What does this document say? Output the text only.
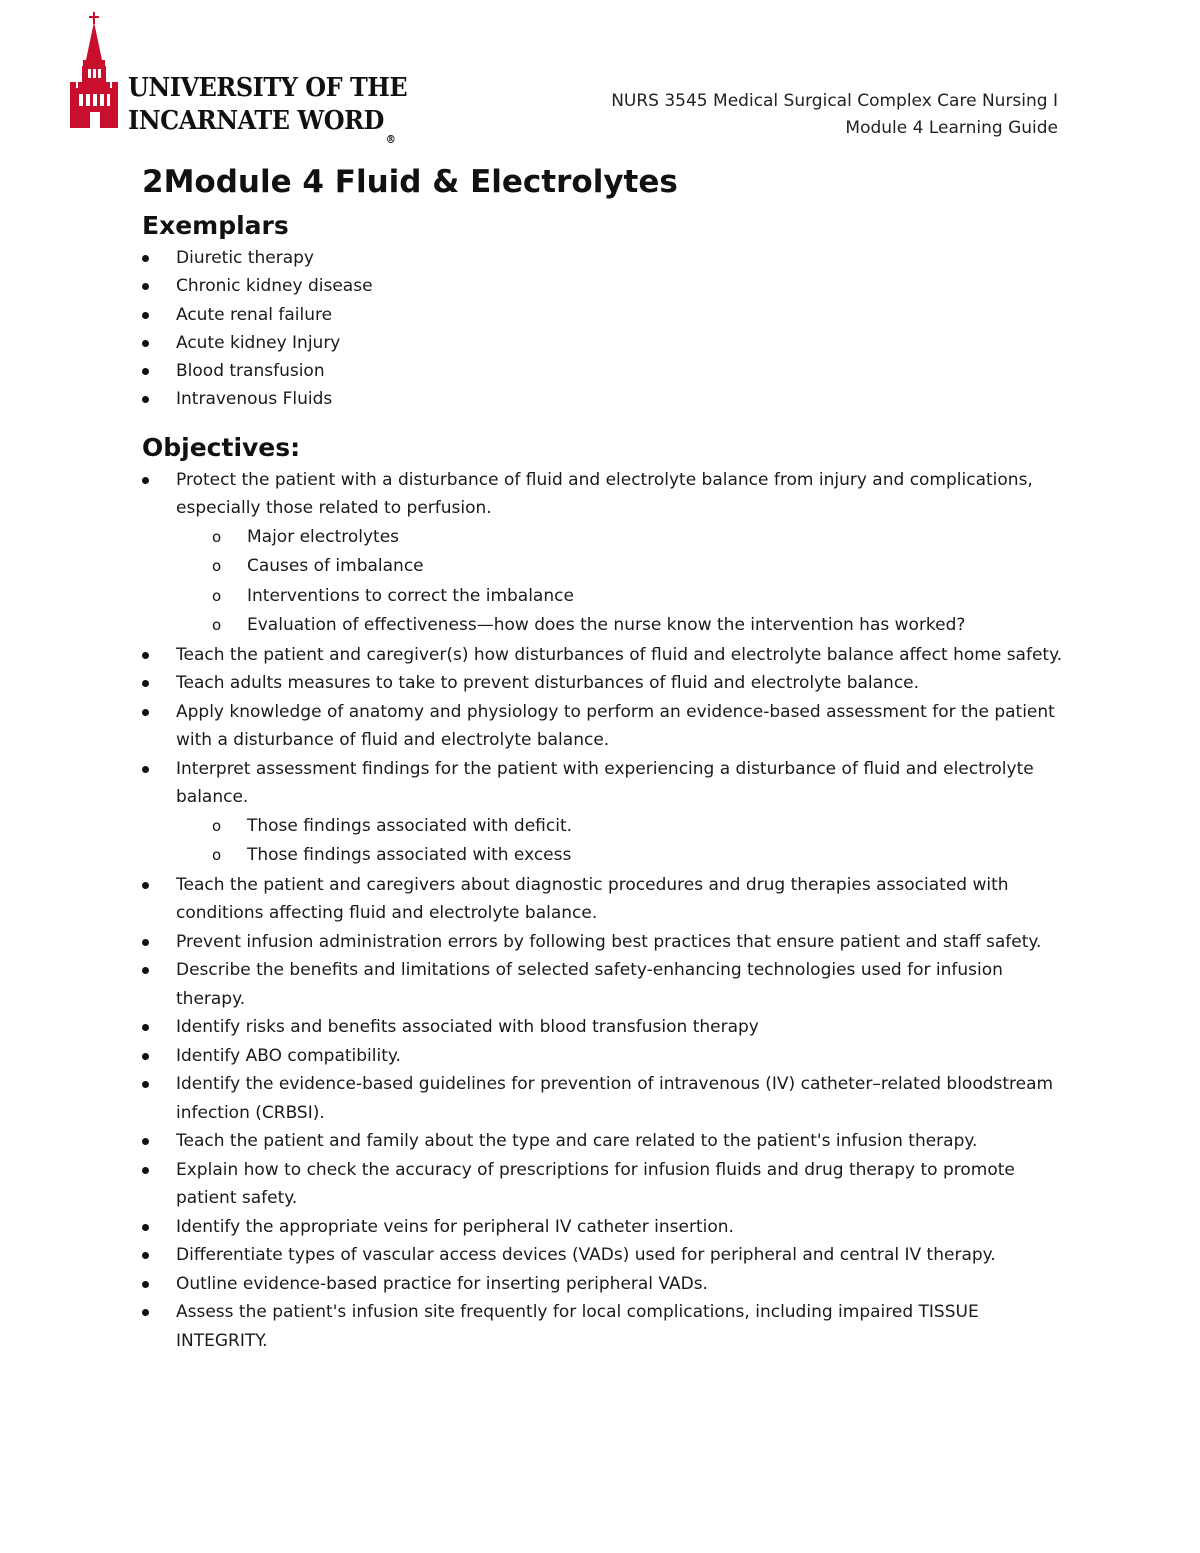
UNIVERSITY OF THE
INCARNATE $WORD_®$
NURS 3545 Medical Surgical Complex Care Nursing I
Module 4 Learning Guide
2Module 4 Fluid & Electrolytes
Exemplars
Diuretic therapy
Chronic kidney disease
Acute renal failure
Acute kidney Injury
Blood transfusion
Intravenous Fluids
Objectives:
Protect the patient with a disturbance of fluid and electrolyte balance from injury and complications, especially those related to perfusion.
o Major electrolytes
o Causes of imbalance
o Interventions to correct the imbalance
o Evaluation of effectiveness—how does the nurse know the intervention has worked?
Teach the patient and caregiver(s) how disturbances of fluid and electrolyte balance affect home safety.
Teach adults measures to take to prevent disturbances of fluid and electrolyte balance.
Apply knowledge of anatomy and physiology to perform an evidence-based assessment for the patient with a disturbance of fluid and electrolyte balance.
Interpret assessment findings for the patient with experiencing a disturbance of fluid and electrolyte balance.
o Those findings associated with deficit.
o Those findings associated with excess
Teach the patient and caregivers about diagnostic procedures and drug therapies associated with conditions affecting fluid and electrolyte balance.
Prevent infusion administration errors by following best practices that ensure patient and staff safety.
Describe the benefits and limitations of selected safety-enhancing technologies used for infusion therapy.
Identify risks and benefits associated with blood transfusion therapy
Identify ABO compatibility.
Identify the evidence-based guidelines for prevention of intravenous (IV) catheter–related bloodstream infection (CRBSI).
Teach the patient and family about the type and care related to the patient's infusion therapy.
Explain how to check the accuracy of prescriptions for infusion fluids and drug therapy to promote patient safety.
Identify the appropriate veins for peripheral IV catheter insertion.
Differentiate types of vascular access devices (VADs) used for peripheral and central IV therapy.
Outline evidence-based practice for inserting peripheral VADs.
Assess the patient's infusion site frequently for local complications, including impaired TISSUE INTEGRITY.
